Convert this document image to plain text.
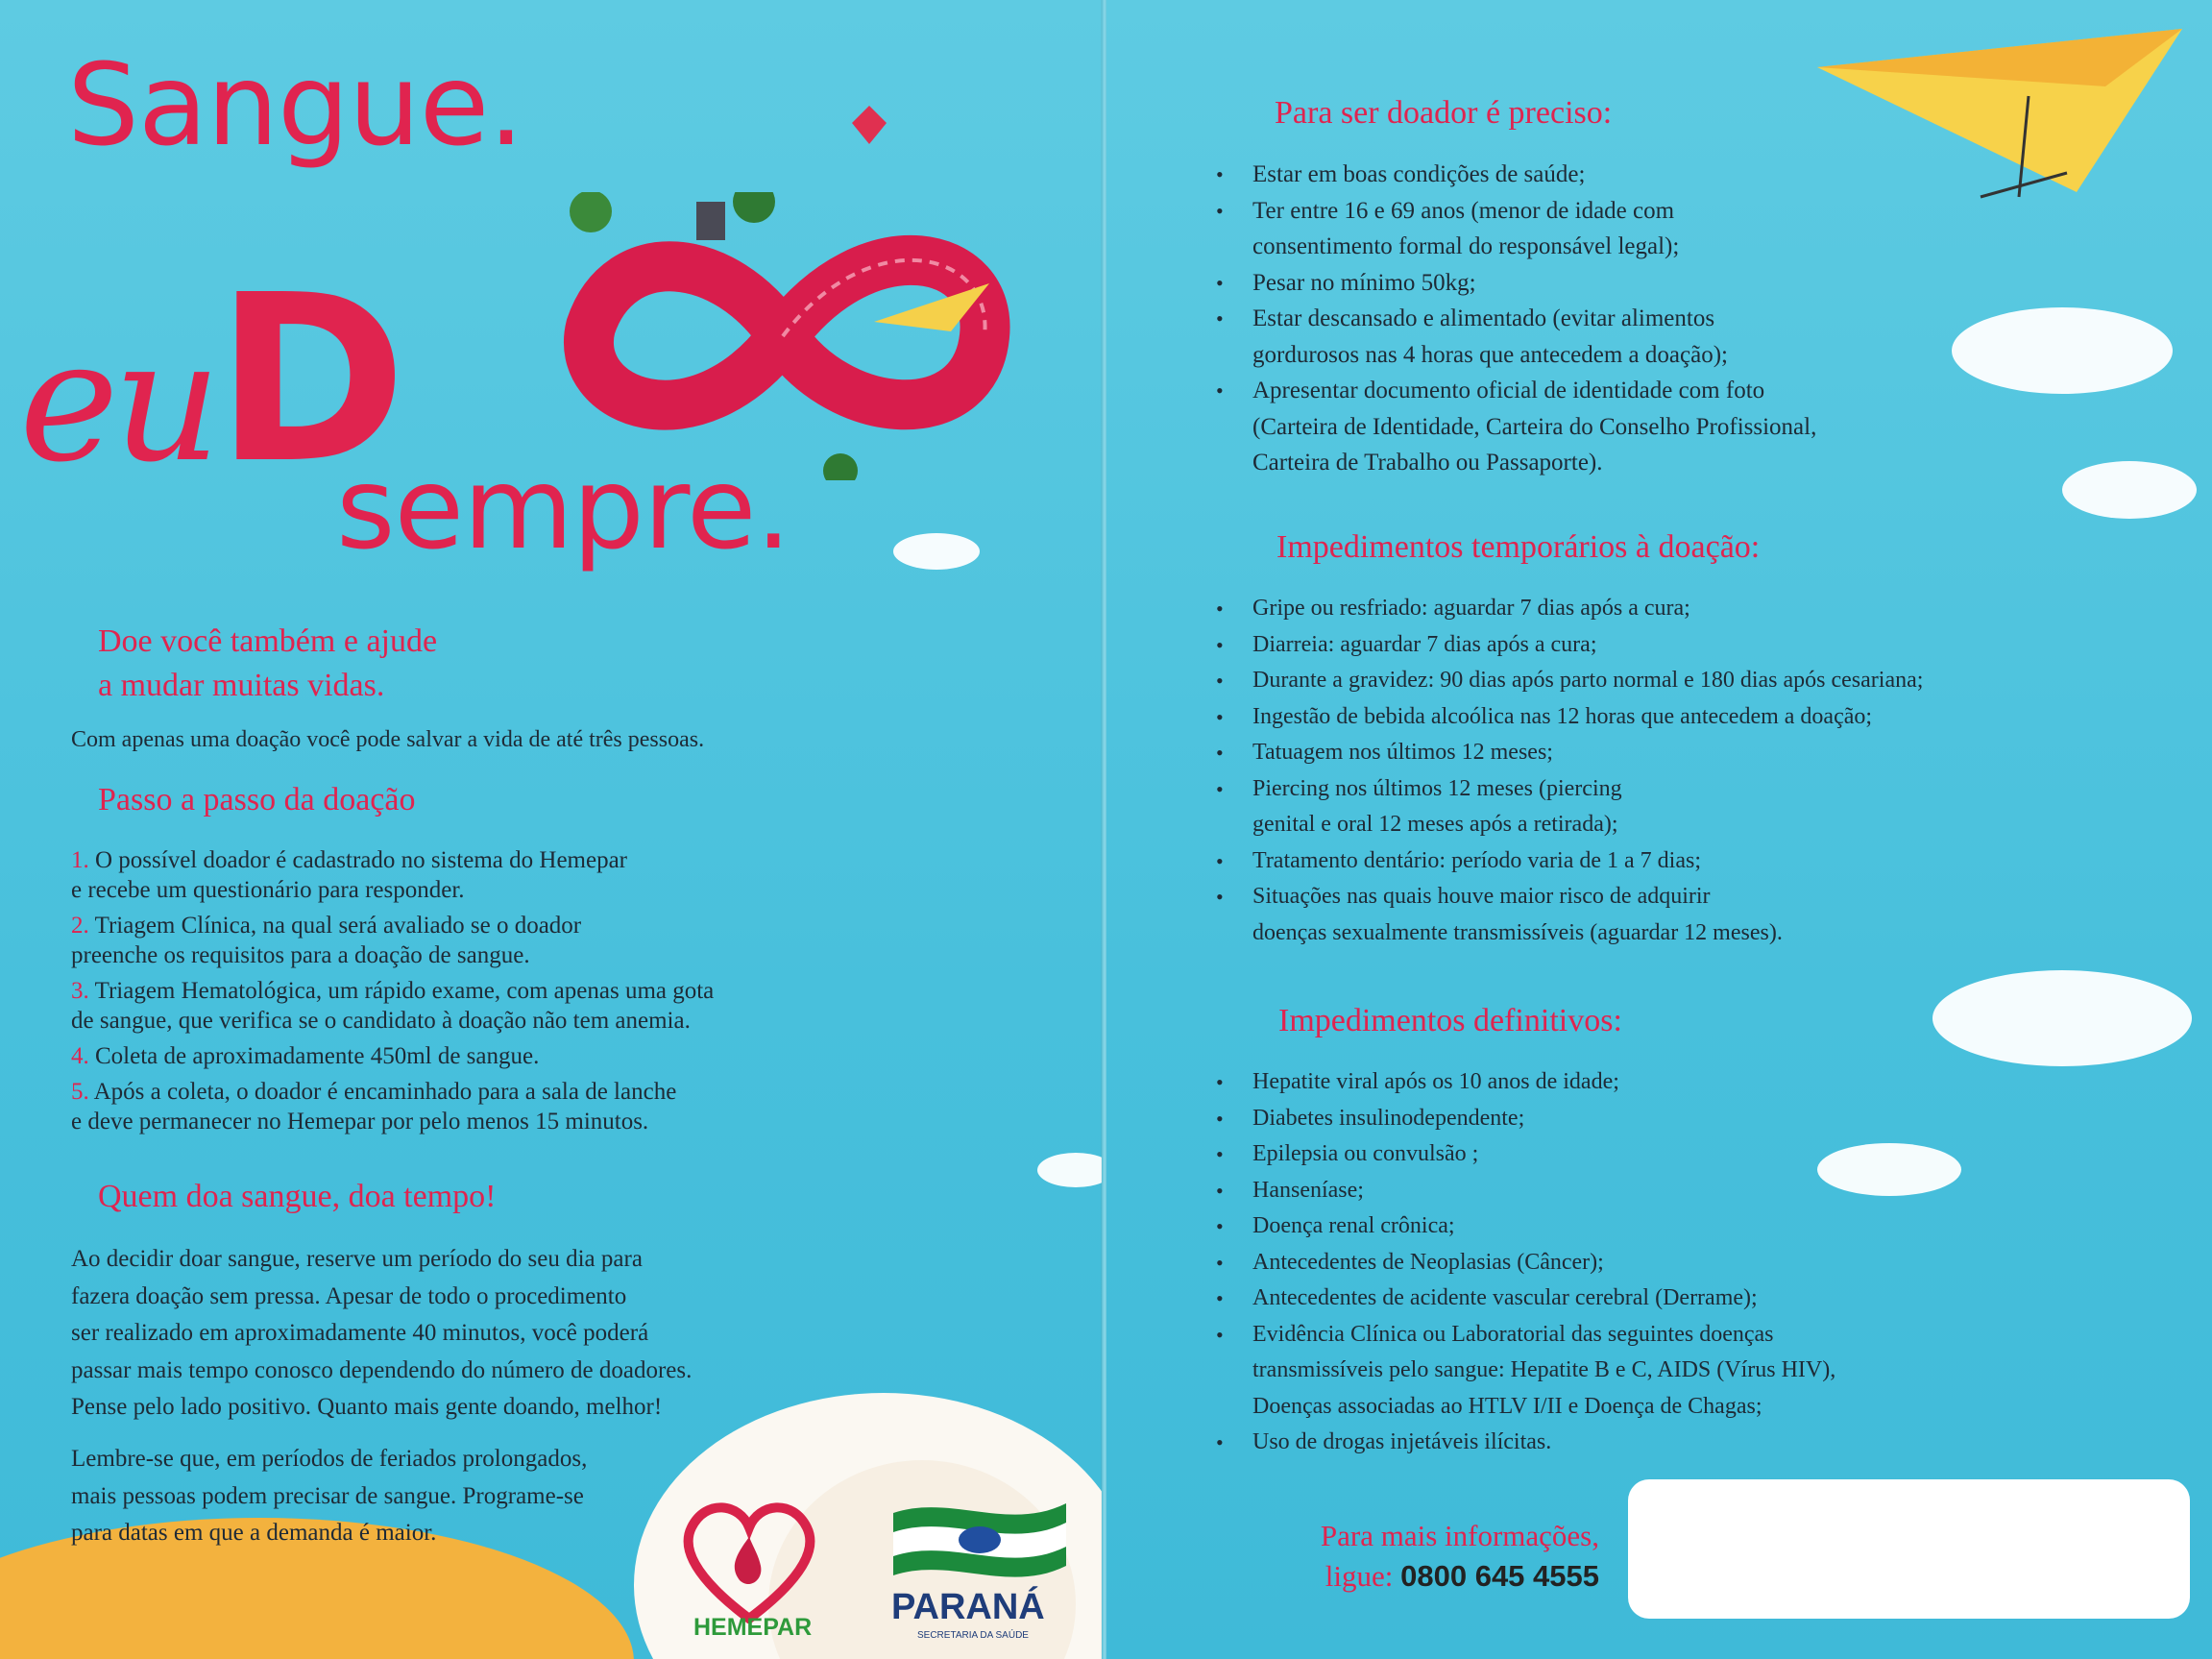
Sangue.
euD
sempre.
Doe você também e ajude
a mudar muitas vidas.
Com apenas uma doação você pode salvar a vida de até três pessoas.
Passo a passo da doação

1. O possível doador é cadastrado no sistema do Hemepar
e recebe um questionário para responder.

2. Triagem Clínica, na qual será avaliado se o doador
preenche os requisitos para a doação de sangue.

3. Triagem Hematológica, um rápido exame, com apenas uma gota
de sangue, que verifica se o candidato à doação não tem anemia.

4. Coleta de aproximadamente 450ml de sangue.

5. Após a coleta, o doador é encaminhado para a sala de lanche
e deve permanecer no Hemepar por pelo menos 15 minutos.

Quem doa sangue, doa tempo!
Ao decidir doar sangue, reserve um período do seu dia para
fazera doação sem pressa. Apesar de todo o procedimento
ser realizado em aproximadamente 40 minutos, você poderá
passar mais tempo conosco dependendo do número de doadores.
Pense pelo lado positivo. Quanto mais gente doando, melhor!
Lembre-se que, em períodos de feriados prolongados,
mais pessoas podem precisar de sangue. Programe-se
para datas em que a demanda é maior.
HEMEPAR PARANÁ
SECRETARIA DA SAÚDE
Para ser doador é preciso:
• Estar em boas condições de saúde;
• Ter entre 16 e 69 anos (menor de idade com
consentimento formal do responsável legal);
• Pesar no mínimo 50kg;
• Estar descansado e alimentado (evitar alimentos
gordurosos nas 4 horas que antecedem a doação);
• Apresentar documento oficial de identidade com foto
(Carteira de Identidade, Carteira do Conselho Profissional,
Carteira de Trabalho ou Passaporte).
Impedimentos temporários à doação:
• Gripe ou resfriado: aguardar 7 dias após a cura;
• Diarreia: aguardar 7 dias após a cura;
• Durante a gravidez: 90 dias após parto normal e 180 dias após cesariana;
• Ingestão de bebida alcoólica nas 12 horas que antecedem a doação;
• Tatuagem nos últimos 12 meses;
• Piercing nos últimos 12 meses (piercing
genital e oral 12 meses após a retirada);
• Tratamento dentário: período varia de 1 a 7 dias;
• Situações nas quais houve maior risco de adquirir
doenças sexualmente transmissíveis (aguardar 12 meses).
Impedimentos definitivos:
• Hepatite viral após os 10 anos de idade;
• Diabetes insulinodependente;
• Epilepsia ou convulsão ;
• Hanseníase;
• Doença renal crônica;
• Antecedentes de Neoplasias (Câncer);
• Antecedentes de acidente vascular cerebral (Derrame);
• Evidência Clínica ou Laboratorial das seguintes doenças
transmissíveis pelo sangue: Hepatite B e C, AIDS (Vírus HIV),
Doenças associadas ao HTLV I/II e Doença de Chagas;
• Uso de drogas injetáveis ilícitas.
Para mais informações,
ligue: 0800 645 4555
